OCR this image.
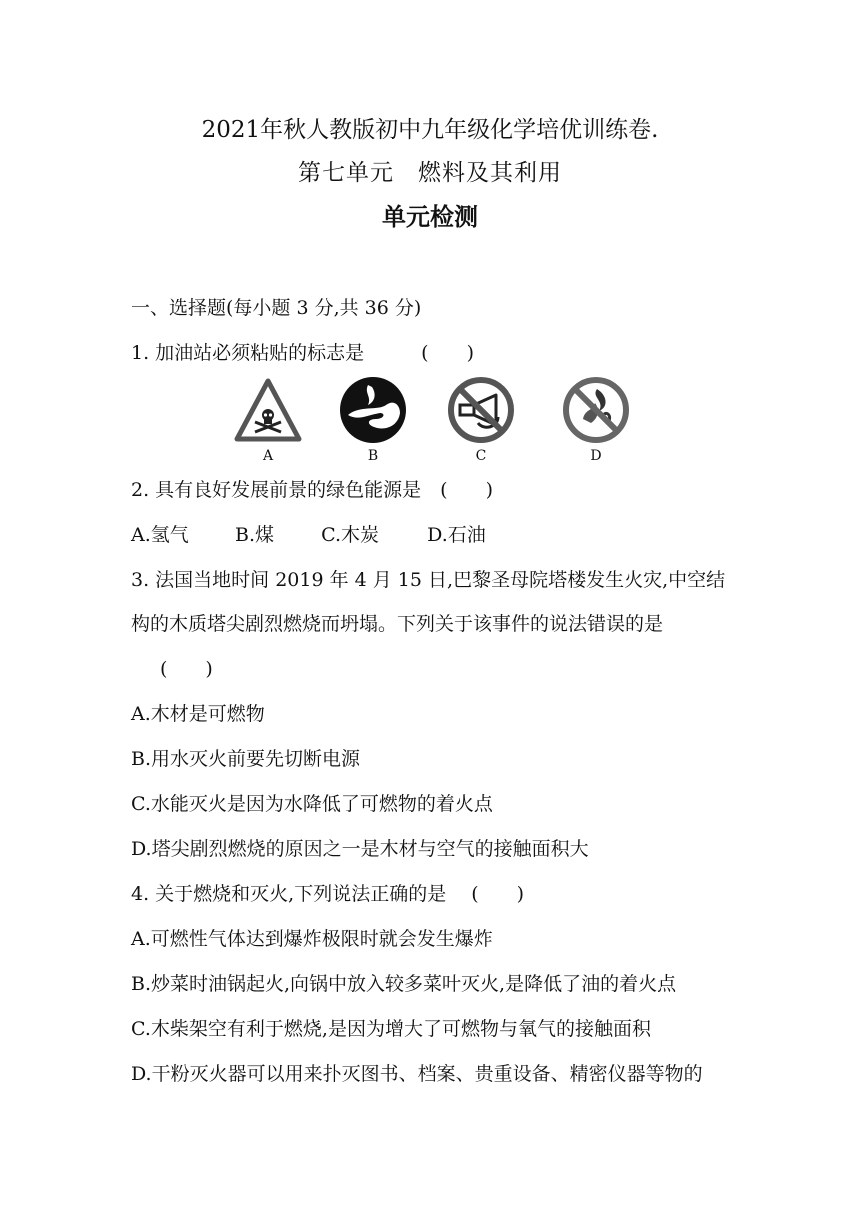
2021年秋人教版初中九年级化学培优训练卷.
第七单元　燃料及其利用
单元检测
一、选择题(每小题 3 分,共 36 分)
1. 加油站必须粘贴的标志是　　　(　　)
A	B	C	D
2. 具有良好发展前景的绿色能源是　(　　)
A.氢气 B.煤 C.木炭	D.石油
3. 法国当地时间 2019 年 4 月 15 日,巴黎圣母院塔楼发生火灾,中空结
构的木质塔尖剧烈燃烧而坍塌。下列关于该事件的说法错误的是
(　　)
A.木材是可燃物
B.用水灭火前要先切断电源
C.水能灭火是因为水降低了可燃物的着火点
D.塔尖剧烈燃烧的原因之一是木材与空气的接触面积大
4. 关于燃烧和灭火,下列说法正确的是　 (　　)
A.可燃性气体达到爆炸极限时就会发生爆炸
B.炒菜时油锅起火,向锅中放入较多菜叶灭火,是降低了油的着火点
C.木柴架空有利于燃烧,是因为增大了可燃物与氧气的接触面积
D.干粉灭火器可以用来扑灭图书、档案、贵重设备、精密仪器等物的
